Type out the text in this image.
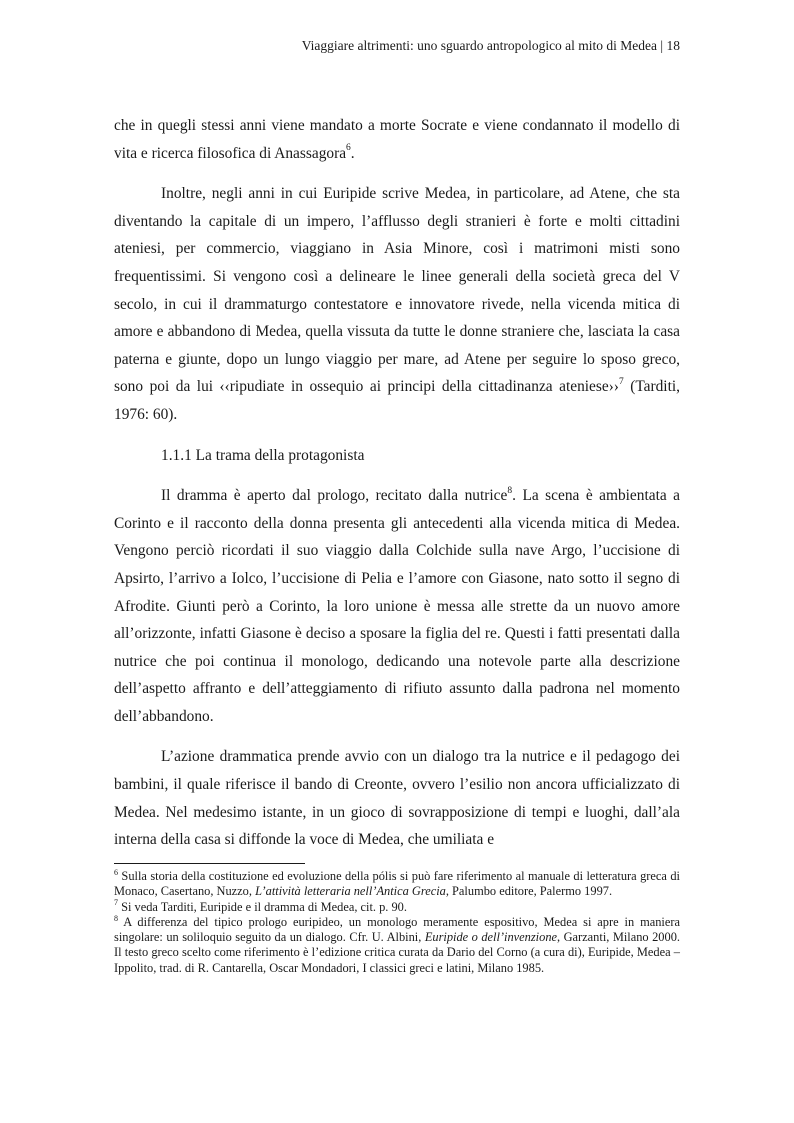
Viaggiare altrimenti: uno sguardo antropologico al mito di Medea | 18

che in quegli stessi anni viene mandato a morte Socrate e viene condannato il modello di vita e ricerca filosofica di Anassagora$^6$.

Inoltre, negli anni in cui Euripide scrive Medea, in particolare, ad Atene, che sta diventando la capitale di un impero, l’afflusso degli stranieri è forte e molti cittadini ateniesi, per commercio, viaggiano in Asia Minore, così i matrimoni misti sono frequentissimi. Si vengono così a delineare le linee generali della società greca del V secolo, in cui il drammaturgo contestatore e innovatore rivede, nella vicenda mitica di amore e abbandono di Medea, quella vissuta da tutte le donne straniere che, lasciata la casa paterna e giunte, dopo un lungo viaggio per mare, ad Atene per seguire lo sposo greco, sono poi da lui ‹‹ripudiate in ossequio ai principi della cittadinanza ateniese››$^7$ (Tarditi, 1976: 60).

1.1.1 La trama della protagonista

Il dramma è aperto dal prologo, recitato dalla nutrice$^8$. La scena è ambientata a Corinto e il racconto della donna presenta gli antecedenti alla vicenda mitica di Medea. Vengono perciò ricordati il suo viaggio dalla Colchide sulla nave Argo, l’uccisione di Apsirto, l’arrivo a Iolco, l’uccisione di Pelia e l’amore con Giasone, nato sotto il segno di Afrodite. Giunti però a Corinto, la loro unione è messa alle strette da un nuovo amore all’orizzonte, infatti Giasone è deciso a sposare la figlia del re. Questi i fatti presentati dalla nutrice che poi continua il monologo, dedicando una notevole parte alla descrizione dell’aspetto affranto e dell’atteggiamento di rifiuto assunto dalla padrona nel momento dell’abbandono.

L’azione drammatica prende avvio con un dialogo tra la nutrice e il pedagogo dei bambini, il quale riferisce il bando di Creonte, ovvero l’esilio non ancora ufficializzato di Medea. Nel medesimo istante, in un gioco di sovrapposizione di tempi e luoghi, dall’ala interna della casa si diffonde la voce di Medea, che umiliata e

$^6$ Sulla storia della costituzione ed evoluzione della pólis si può fare riferimento al manuale di letteratura greca di Monaco, Casertano, Nuzzo, L’attività letteraria nell’Antica Grecia, Palumbo editore, Palermo 1997.

$^7$ Si veda Tarditi, Euripide e il dramma di Medea, cit. p. 90.

$^8$ A differenza del tipico prologo euripideo, un monologo meramente espositivo, Medea si apre in maniera singolare: un soliloquio seguito da un dialogo. Cfr. U. Albini, Euripide o dell’invenzione, Garzanti, Milano 2000. Il testo greco scelto come riferimento è l’edizione critica curata da Dario del Corno (a cura di), Euripide, Medea – Ippolito, trad. di R. Cantarella, Oscar Mondadori, I classici greci e latini, Milano 1985.
